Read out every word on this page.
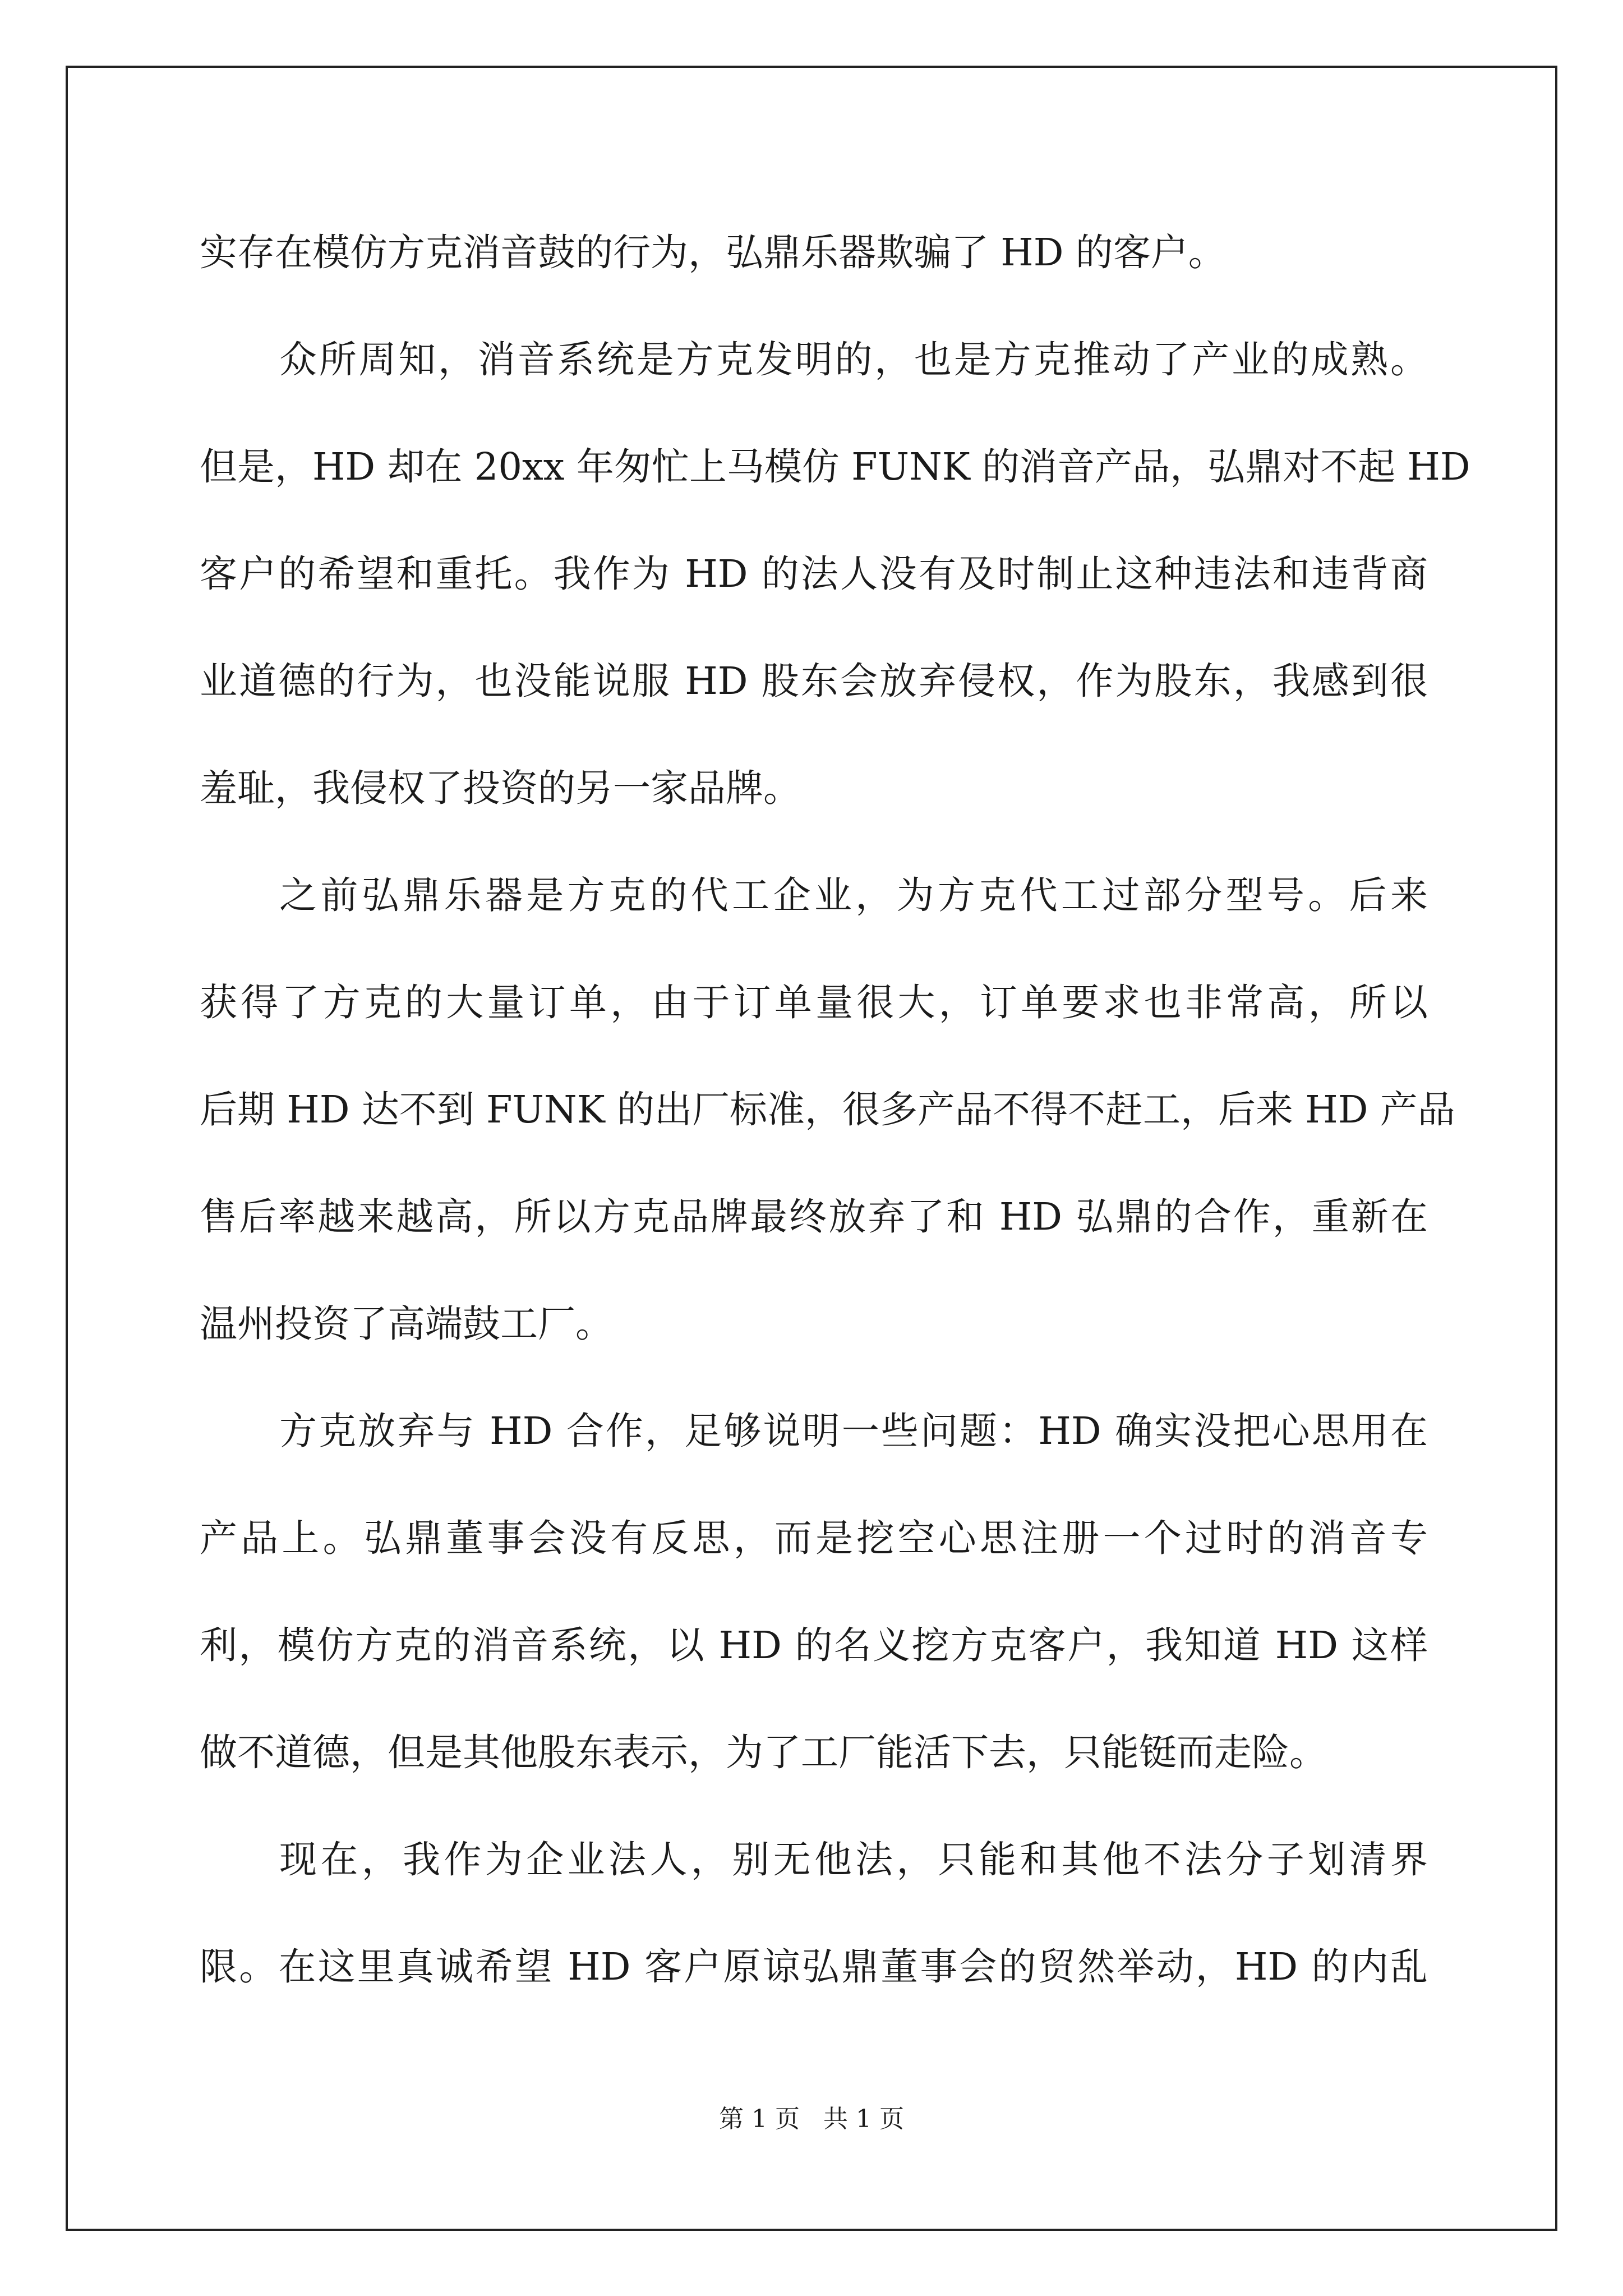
实存在模仿方克消音鼓的行为，弘鼎乐器欺骗了 HD 的客户。
众所周知，消音系统是方克发明的，也是方克推动了产业的成熟。
但是，HD 却在 20xx 年匆忙上马模仿 FUNK 的消音产品，弘鼎对不起 HD
客户的希望和重托。我作为 HD 的法人没有及时制止这种违法和违背商
业道德的行为，也没能说服 HD 股东会放弃侵权，作为股东，我感到很
羞耻，我侵权了投资的另一家品牌。
之前弘鼎乐器是方克的代工企业，为方克代工过部分型号。后来
获得了方克的大量订单，由于订单量很大，订单要求也非常高，所以
后期 HD 达不到 FUNK 的出厂标准，很多产品不得不赶工，后来 HD 产品
售后率越来越高，所以方克品牌最终放弃了和 HD 弘鼎的合作，重新在
温州投资了高端鼓工厂。
方克放弃与 HD 合作，足够说明一些问题：HD 确实没把心思用在
产品上。弘鼎董事会没有反思，而是挖空心思注册一个过时的消音专
利，模仿方克的消音系统，以 HD 的名义挖方克客户，我知道 HD 这样
做不道德，但是其他股东表示，为了工厂能活下去，只能铤而走险。
现在，我作为企业法人，别无他法，只能和其他不法分子划清界
限。在这里真诚希望 HD 客户原谅弘鼎董事会的贸然举动，HD 的内乱
第 1 页   共 1 页
